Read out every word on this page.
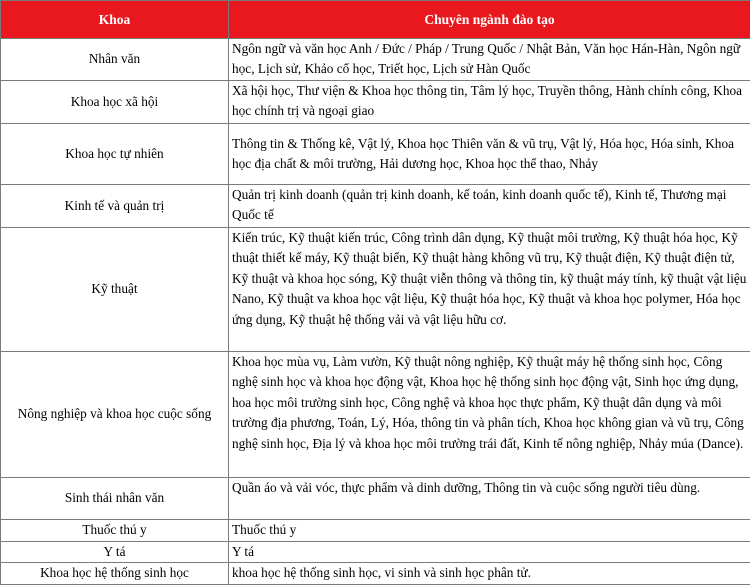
Khoa	Chuyên ngành đào tạo
Nhân văn	Ngôn ngữ và văn học Anh / Đức / Pháp / Trung Quốc / Nhật Bản, Văn học Hán-Hàn, Ngôn ngữ học, Lịch sử, Khảo cổ học, Triết học, Lịch sử Hàn Quốc
Khoa học xã hội	Xã hội học, Thư viện & Khoa học thông tin, Tâm lý học, Truyền thông, Hành chính công, Khoa học chính trị và ngoại giao
Khoa học tự nhiên	Thông tin & Thống kê, Vật lý, Khoa học Thiên văn & vũ trụ, Vật lý, Hóa học, Hóa sinh, Khoa học địa chất & môi trường, Hải dương học, Khoa học thể thao, Nhảy
Kinh tế và quản trị	Quản trị kinh doanh (quản trị kinh doanh, kế toán, kinh doanh quốc tế), Kinh tế, Thương mại Quốc tế
Kỹ thuật	Kiến trúc, Kỹ thuật kiến trúc, Công trình dân dụng, Kỹ thuật môi trường, Kỹ thuật hóa học, Kỹ thuật thiết kế máy, Kỹ thuật biển, Kỹ thuật hàng không vũ trụ, Kỹ thuật điện, Kỹ thuật điện tử, Kỹ thuật và khoa học sóng, Kỹ thuật viễn thông và thông tin, kỹ thuật máy tính, kỹ thuật vật liệu Nano, Kỹ thuật va khoa học vật liệu, Kỹ thuật hóa học, Kỹ thuật và khoa học polymer, Hóa học ứng dụng, Kỹ thuật hệ thống vải và vật liệu hữu cơ.
Nông nghiệp và khoa học cuộc sống	Khoa học mùa vụ, Làm vườn, Kỹ thuật nông nghiệp, Kỹ thuật máy hệ thống sinh học, Công nghệ sinh học và khoa học động vật, Khoa học hệ thống sinh học động vật, Sinh học ứng dụng, hoa học môi trường sinh học, Công nghệ và khoa học thực phẩm, Kỹ thuật dân dụng và môi trường địa phương, Toán, Lý, Hóa, thông tin và phân tích, Khoa học không gian và vũ trụ, Công nghệ sinh học, Địa lý và khoa học môi trường trái đất, Kinh tế nông nghiệp, Nhảy múa (Dance).
Sinh thái nhân văn	Quần áo và vải vóc, thực phẩm và dinh dưỡng, Thông tin và cuộc sống người tiêu dùng.
Thuốc thú y	Thuốc thú y
Y tá	Y tá
Khoa học hệ thống sinh học	khoa học hệ thống sinh học, vi sinh và sinh học phân tử.
